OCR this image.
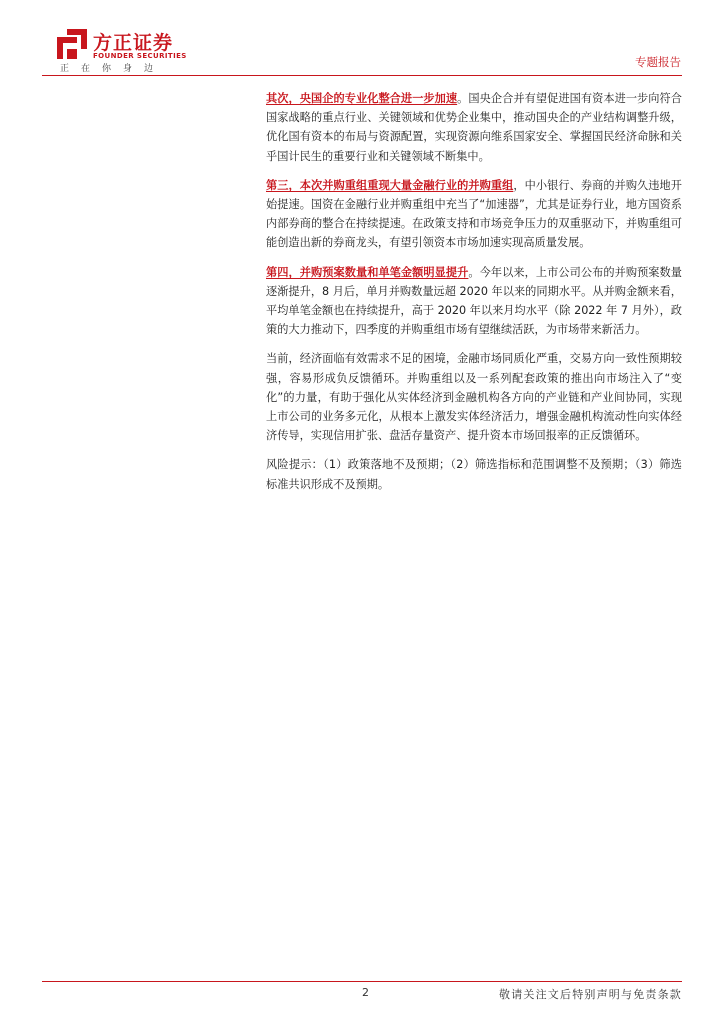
方正证券
FOUNDER SECURITIES
正在你身边	专题报告

其次，央国企的专业化整合进一步加速。国央企合并有望促进国有资本进一步向符合国家战略的重点行业、关键领域和优势企业集中，推动国央企的产业结构调整升级，优化国有资本的布局与资源配置，实现资源向维系国家安全、掌握国民经济命脉和关乎国计民生的重要行业和关键领域不断集中。

第三，本次并购重组重现大量金融行业的并购重组，中小银行、券商的并购久违地开始提速。国资在金融行业并购重组中充当了“加速器”，尤其是证券行业，地方国资系内部券商的整合在持续提速。在政策支持和市场竞争压力的双重驱动下，并购重组可能创造出新的券商龙头，有望引领资本市场加速实现高质量发展。

第四，并购预案数量和单笔金额明显提升。今年以来，上市公司公布的并购预案数量逐渐提升，8 月后，单月并购数量远超 2020 年以来的同期水平。从并购金额来看，平均单笔金额也在持续提升，高于 2020 年以来月均水平（除 2022 年 7 月外），政策的大力推动下，四季度的并购重组市场有望继续活跃，为市场带来新活力。

当前，经济面临有效需求不足的困境，金融市场同质化严重，交易方向一致性预期较强，容易形成负反馈循环。并购重组以及一系列配套政策的推出向市场注入了“变化”的力量，有助于强化从实体经济到金融机构各方向的产业链和产业间协同，实现上市公司的业务多元化，从根本上激发实体经济活力，增强金融机构流动性向实体经济传导，实现信用扩张、盘活存量资产、提升资本市场回报率的正反馈循环。

风险提示：（1）政策落地不及预期；（2）筛选指标和范围调整不及预期；（3）筛选标准共识形成不及预期。

2	敬请关注文后特别声明与免责条款
